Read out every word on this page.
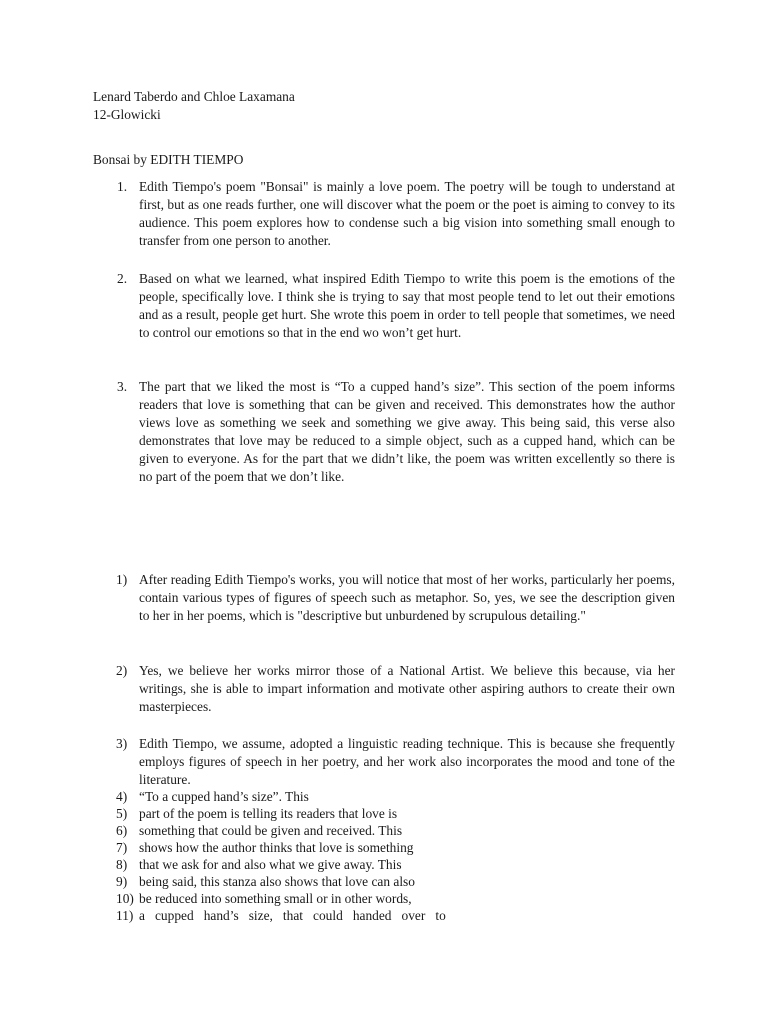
Lenard Taberdo and Chloe Laxamana
12-Glowicki
Bonsai by EDITH TIEMPO
1. Edith Tiempo's poem "Bonsai" is mainly a love poem. The poetry will be tough to understand at first, but as one reads further, one will discover what the poem or the poet is aiming to convey to its audience. This poem explores how to condense such a big vision into something small enough to transfer from one person to another.
2. Based on what we learned, what inspired Edith Tiempo to write this poem is the emotions of the people, specifically love. I think she is trying to say that most people tend to let out their emotions and as a result, people get hurt. She wrote this poem in order to tell people that sometimes, we need to control our emotions so that in the end wo won’t get hurt.
3. The part that we liked the most is “To a cupped hand’s size”. This section of the poem informs readers that love is something that can be given and received. This demonstrates how the author views love as something we seek and something we give away. This being said, this verse also demonstrates that love may be reduced to a simple object, such as a cupped hand, which can be given to everyone. As for the part that we didn’t like, the poem was written excellently so there is no part of the poem that we don’t like.
1) After reading Edith Tiempo's works, you will notice that most of her works, particularly her poems, contain various types of figures of speech such as metaphor. So, yes, we see the description given to her in her poems, which is "descriptive but unburdened by scrupulous detailing."
2) Yes, we believe her works mirror those of a National Artist. We believe this because, via her writings, she is able to impart information and motivate other aspiring authors to create their own masterpieces.
3) Edith Tiempo, we assume, adopted a linguistic reading technique. This is because she frequently employs figures of speech in her poetry, and her work also incorporates the mood and tone of the literature.
4) “To a cupped hand’s size”. This
5) part of the poem is telling its readers that love is
6) something that could be given and received. This
7) shows how the author thinks that love is something
8) that we ask for and also what we give away. This
9) being said, this stanza also shows that love can also
10) be reduced into something small or in other words,
11) a   cupped   hand’s   size,   that   could   handed   over   to
